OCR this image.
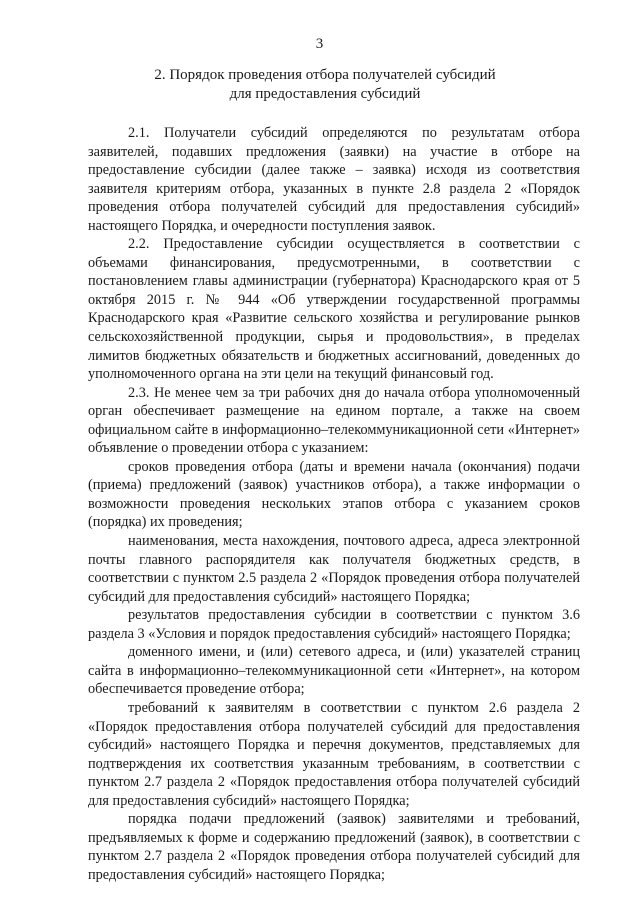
3
2. Порядок проведения отбора получателей субсидий
для предоставления субсидий

2.1. Получатели субсидий определяются по результатам отбора заявителей, подавших предложения (заявки) на участие в отборе на предоставление субсидии (далее также – заявка) исходя из соответствия заявителя критериям отбора, указанных в пункте 2.8 раздела 2 «Порядок проведения отбора получателей субсидий для предоставления субсидий» настоящего Порядка, и очередности поступления заявок.

2.2. Предоставление субсидии осуществляется в соответствии с объемами финансирования, предусмотренными, в соответствии с постановлением главы администрации (губернатора) Краснодарского края от 5 октября 2015 г. № 944 «Об утверждении государственной программы Краснодарского края «Развитие сельского хозяйства и регулирование рынков сельскохозяйственной продукции, сырья и продовольствия», в пределах лимитов бюджетных обязательств и бюджетных ассигнований, доведенных до уполномоченного органа на эти цели на текущий финансовый год.

2.3. Не менее чем за три рабочих дня до начала отбора уполномоченный орган обеспечивает размещение на едином портале, а также на своем официальном сайте в информационно–телекоммуникационной сети «Интернет» объявление о проведении отбора с указанием:

сроков проведения отбора (даты и времени начала (окончания) подачи (приема) предложений (заявок) участников отбора), а также информации о возможности проведения нескольких этапов отбора с указанием сроков (порядка) их проведения;

наименования, места нахождения, почтового адреса, адреса электронной почты главного распорядителя как получателя бюджетных средств, в соответствии с пунктом 2.5 раздела 2 «Порядок проведения отбора получателей субсидий для предоставления субсидий» настоящего Порядка;

результатов предоставления субсидии в соответствии с пунктом 3.6 раздела 3 «Условия и порядок предоставления субсидий» настоящего Порядка;

доменного имени, и (или) сетевого адреса, и (или) указателей страниц сайта в информационно–телекоммуникационной сети «Интернет», на котором обеспечивается проведение отбора;

требований к заявителям в соответствии с пунктом 2.6 раздела 2 «Порядок предоставления отбора получателей субсидий для предоставления субсидий» настоящего Порядка и перечня документов, представляемых для подтверждения их соответствия указанным требованиям, в соответствии с пунктом 2.7 раздела 2 «Порядок предоставления отбора получателей субсидий для предоставления субсидий» настоящего Порядка;

порядка подачи предложений (заявок) заявителями и требований, предъявляемых к форме и содержанию предложений (заявок), в соответствии с пунктом 2.7 раздела 2 «Порядок проведения отбора получателей субсидий для предоставления субсидий» настоящего Порядка;
